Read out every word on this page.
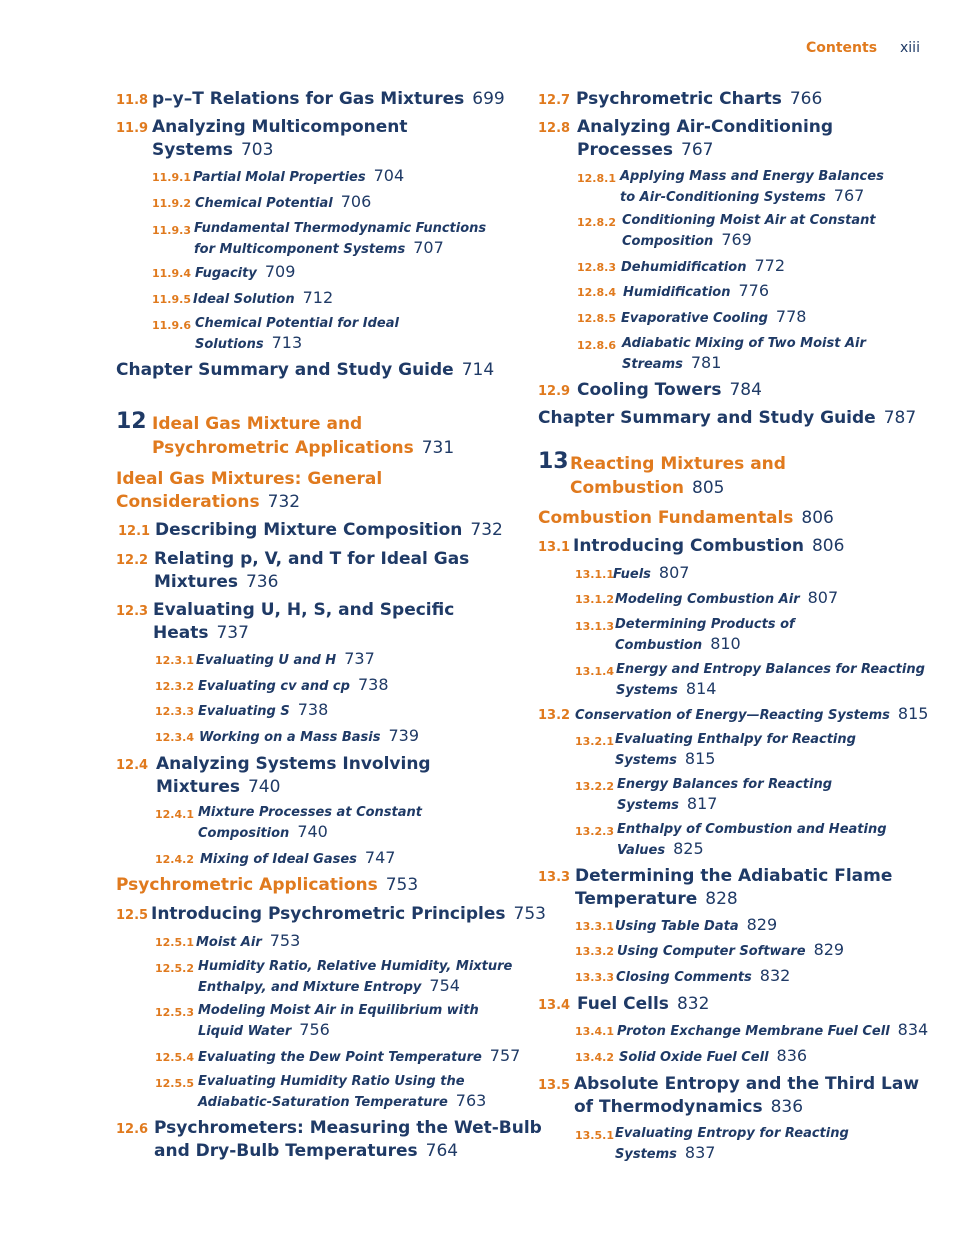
Contents xiii
11.8 p–y–T Relations for Gas Mixtures 699
11.9 Analyzing Multicomponent
Systems 703
11.9.1 Partial Molal Properties 704
11.9.2 Chemical Potential 706
11.9.3 Fundamental Thermodynamic Functions
for Multicomponent Systems 707
11.9.4 Fugacity 709
11.9.5 Ideal Solution 712
11.9.6 Chemical Potential for Ideal
Solutions 713
Chapter Summary and Study Guide 714
12 Ideal Gas Mixture and
Psychrometric Applications 731
Ideal Gas Mixtures: General
Considerations 732
12.1 Describing Mixture Composition 732
12.2 Relating p, V, and T for Ideal Gas
Mixtures 736
12.3 Evaluating U, H, S, and Specific
Heats 737
12.3.1 Evaluating U and H 737
12.3.2 Evaluating cv and cp 738
12.3.3 Evaluating S 738
12.3.4 Working on a Mass Basis 739
12.4 Analyzing Systems Involving
Mixtures 740
12.4.1 Mixture Processes at Constant
Composition 740
12.4.2 Mixing of Ideal Gases 747
Psychrometric Applications 753
12.5 Introducing Psychrometric Principles 753
12.5.1 Moist Air 753
12.5.2 Humidity Ratio, Relative Humidity, Mixture
Enthalpy, and Mixture Entropy 754
12.5.3 Modeling Moist Air in Equilibrium with
Liquid Water 756
12.5.4 Evaluating the Dew Point Temperature 757
12.5.5 Evaluating Humidity Ratio Using the
Adiabatic-Saturation Temperature 763
12.6 Psychrometers: Measuring the Wet-Bulb
and Dry-Bulb Temperatures 764
12.7 Psychrometric Charts 766
12.8 Analyzing Air-Conditioning
Processes 767
12.8.1 Applying Mass and Energy Balances
to Air-Conditioning Systems 767
12.8.2 Conditioning Moist Air at Constant
Composition 769
12.8.3 Dehumidification 772
12.8.4 Humidification 776
12.8.5 Evaporative Cooling 778
12.8.6 Adiabatic Mixing of Two Moist Air
Streams 781
12.9 Cooling Towers 784
Chapter Summary and Study Guide 787
13 Reacting Mixtures and
Combustion 805
Combustion Fundamentals 806
13.1 Introducing Combustion 806
13.1.1 Fuels 807
13.1.2 Modeling Combustion Air 807
13.1.3 Determining Products of
Combustion 810
13.1.4 Energy and Entropy Balances for Reacting
Systems 814
13.2 Conservation of Energy—Reacting Systems 815
13.2.1 Evaluating Enthalpy for Reacting
Systems 815
13.2.2 Energy Balances for Reacting
Systems 817
13.2.3 Enthalpy of Combustion and Heating
Values 825
13.3 Determining the Adiabatic Flame
Temperature 828
13.3.1 Using Table Data 829
13.3.2 Using Computer Software 829
13.3.3 Closing Comments 832
13.4 Fuel Cells 832
13.4.1 Proton Exchange Membrane Fuel Cell 834
13.4.2 Solid Oxide Fuel Cell 836
13.5 Absolute Entropy and the Third Law
of Thermodynamics 836
13.5.1 Evaluating Entropy for Reacting
Systems 837
